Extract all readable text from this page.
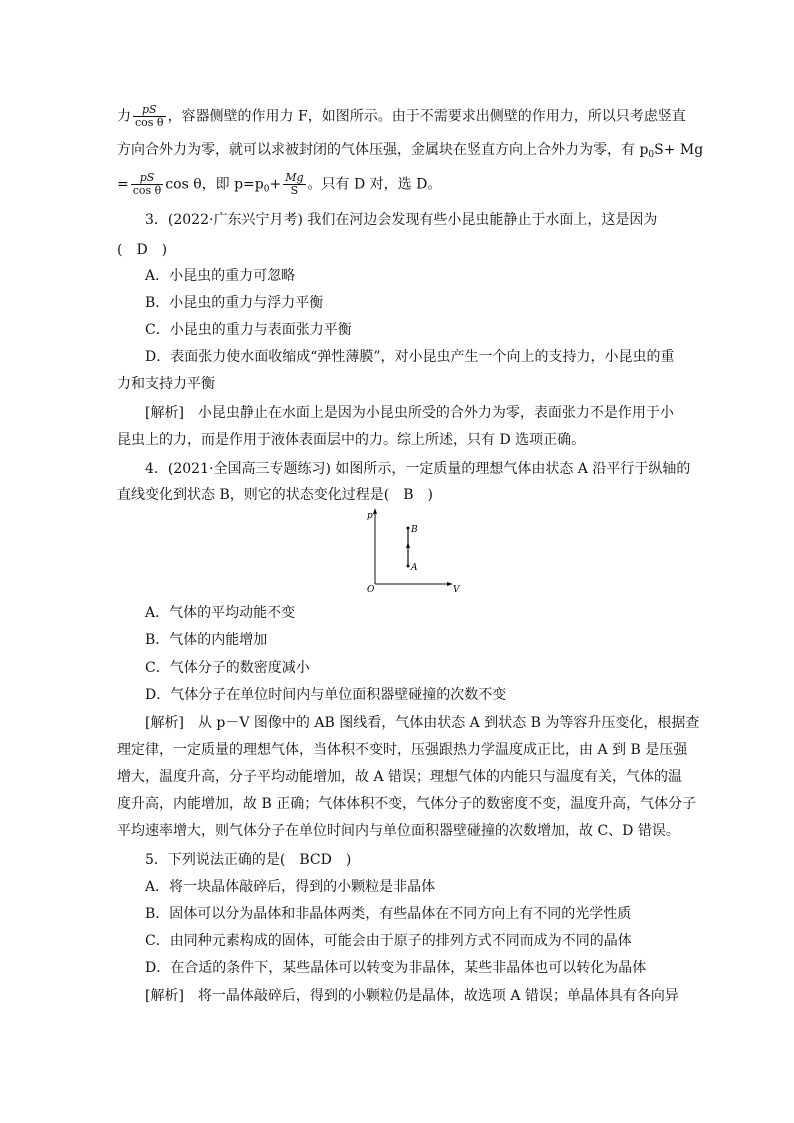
力 $\frac{pS}{\text{cos θ}}$ ，容器侧壁的作用力 F，如图所示。由于不需要求出侧壁的作用力，所以只考虑竖直
方向合外力为零，就可以求被封闭的气体压强，金属块在竖直方向上合外力为零，有 $p_0S+ Mg$
= $\frac{pS}{\text{cos θ}}$ cos θ，即 $p=p_0+ \frac{Mg}{S}$ 。只有 D 对，选 D。
3．(2022·广东兴宁月考) 我们在河边会发现有些小昆虫能静止于水面上，这是因为
(　D　)
A．小昆虫的重力可忽略
B．小昆虫的重力与浮力平衡
C．小昆虫的重力与表面张力平衡
D．表面张力使水面收缩成“弹性薄膜”，对小昆虫产生一个向上的支持力，小昆虫的重
力和支持力平衡
[解析]　小昆虫静止在水面上是因为小昆虫所受的合外力为零，表面张力不是作用于小
昆虫上的力，而是作用于液体表面层中的力。综上所述，只有 D 选项正确。
4．(2021·全国高三专题练习) 如图所示，一定质量的理想气体由状态 A 沿平行于纵轴的
直线变化到状态 B，则它的状态变化过程是(　B　)
p
V
O
A
B
A．气体的平均动能不变
B．气体的内能增加
C．气体分子的数密度减小
D．气体分子在单位时间内与单位面积器壁碰撞的次数不变
[解析]　从 p－V 图像中的 AB 图线看，气体由状态 A 到状态 B 为等容升压变化，根据查
理定律，一定质量的理想气体，当体积不变时，压强跟热力学温度成正比，由 A 到 B 是压强
增大，温度升高，分子平均动能增加，故 A 错误；理想气体的内能只与温度有关，气体的温
度升高，内能增加，故 B 正确；气体体积不变，气体分子的数密度不变，温度升高，气体分子
平均速率增大，则气体分子在单位时间内与单位面积器壁碰撞的次数增加，故 C、D 错误。
5．下列说法正确的是(　BCD　)
A．将一块晶体敲碎后，得到的小颗粒是非晶体
B．固体可以分为晶体和非晶体两类，有些晶体在不同方向上有不同的光学性质
C．由同种元素构成的固体，可能会由于原子的排列方式不同而成为不同的晶体
D．在合适的条件下，某些晶体可以转变为非晶体，某些非晶体也可以转化为晶体
[解析]　将一晶体敲碎后，得到的小颗粒仍是晶体，故选项 A 错误；单晶体具有各向异
